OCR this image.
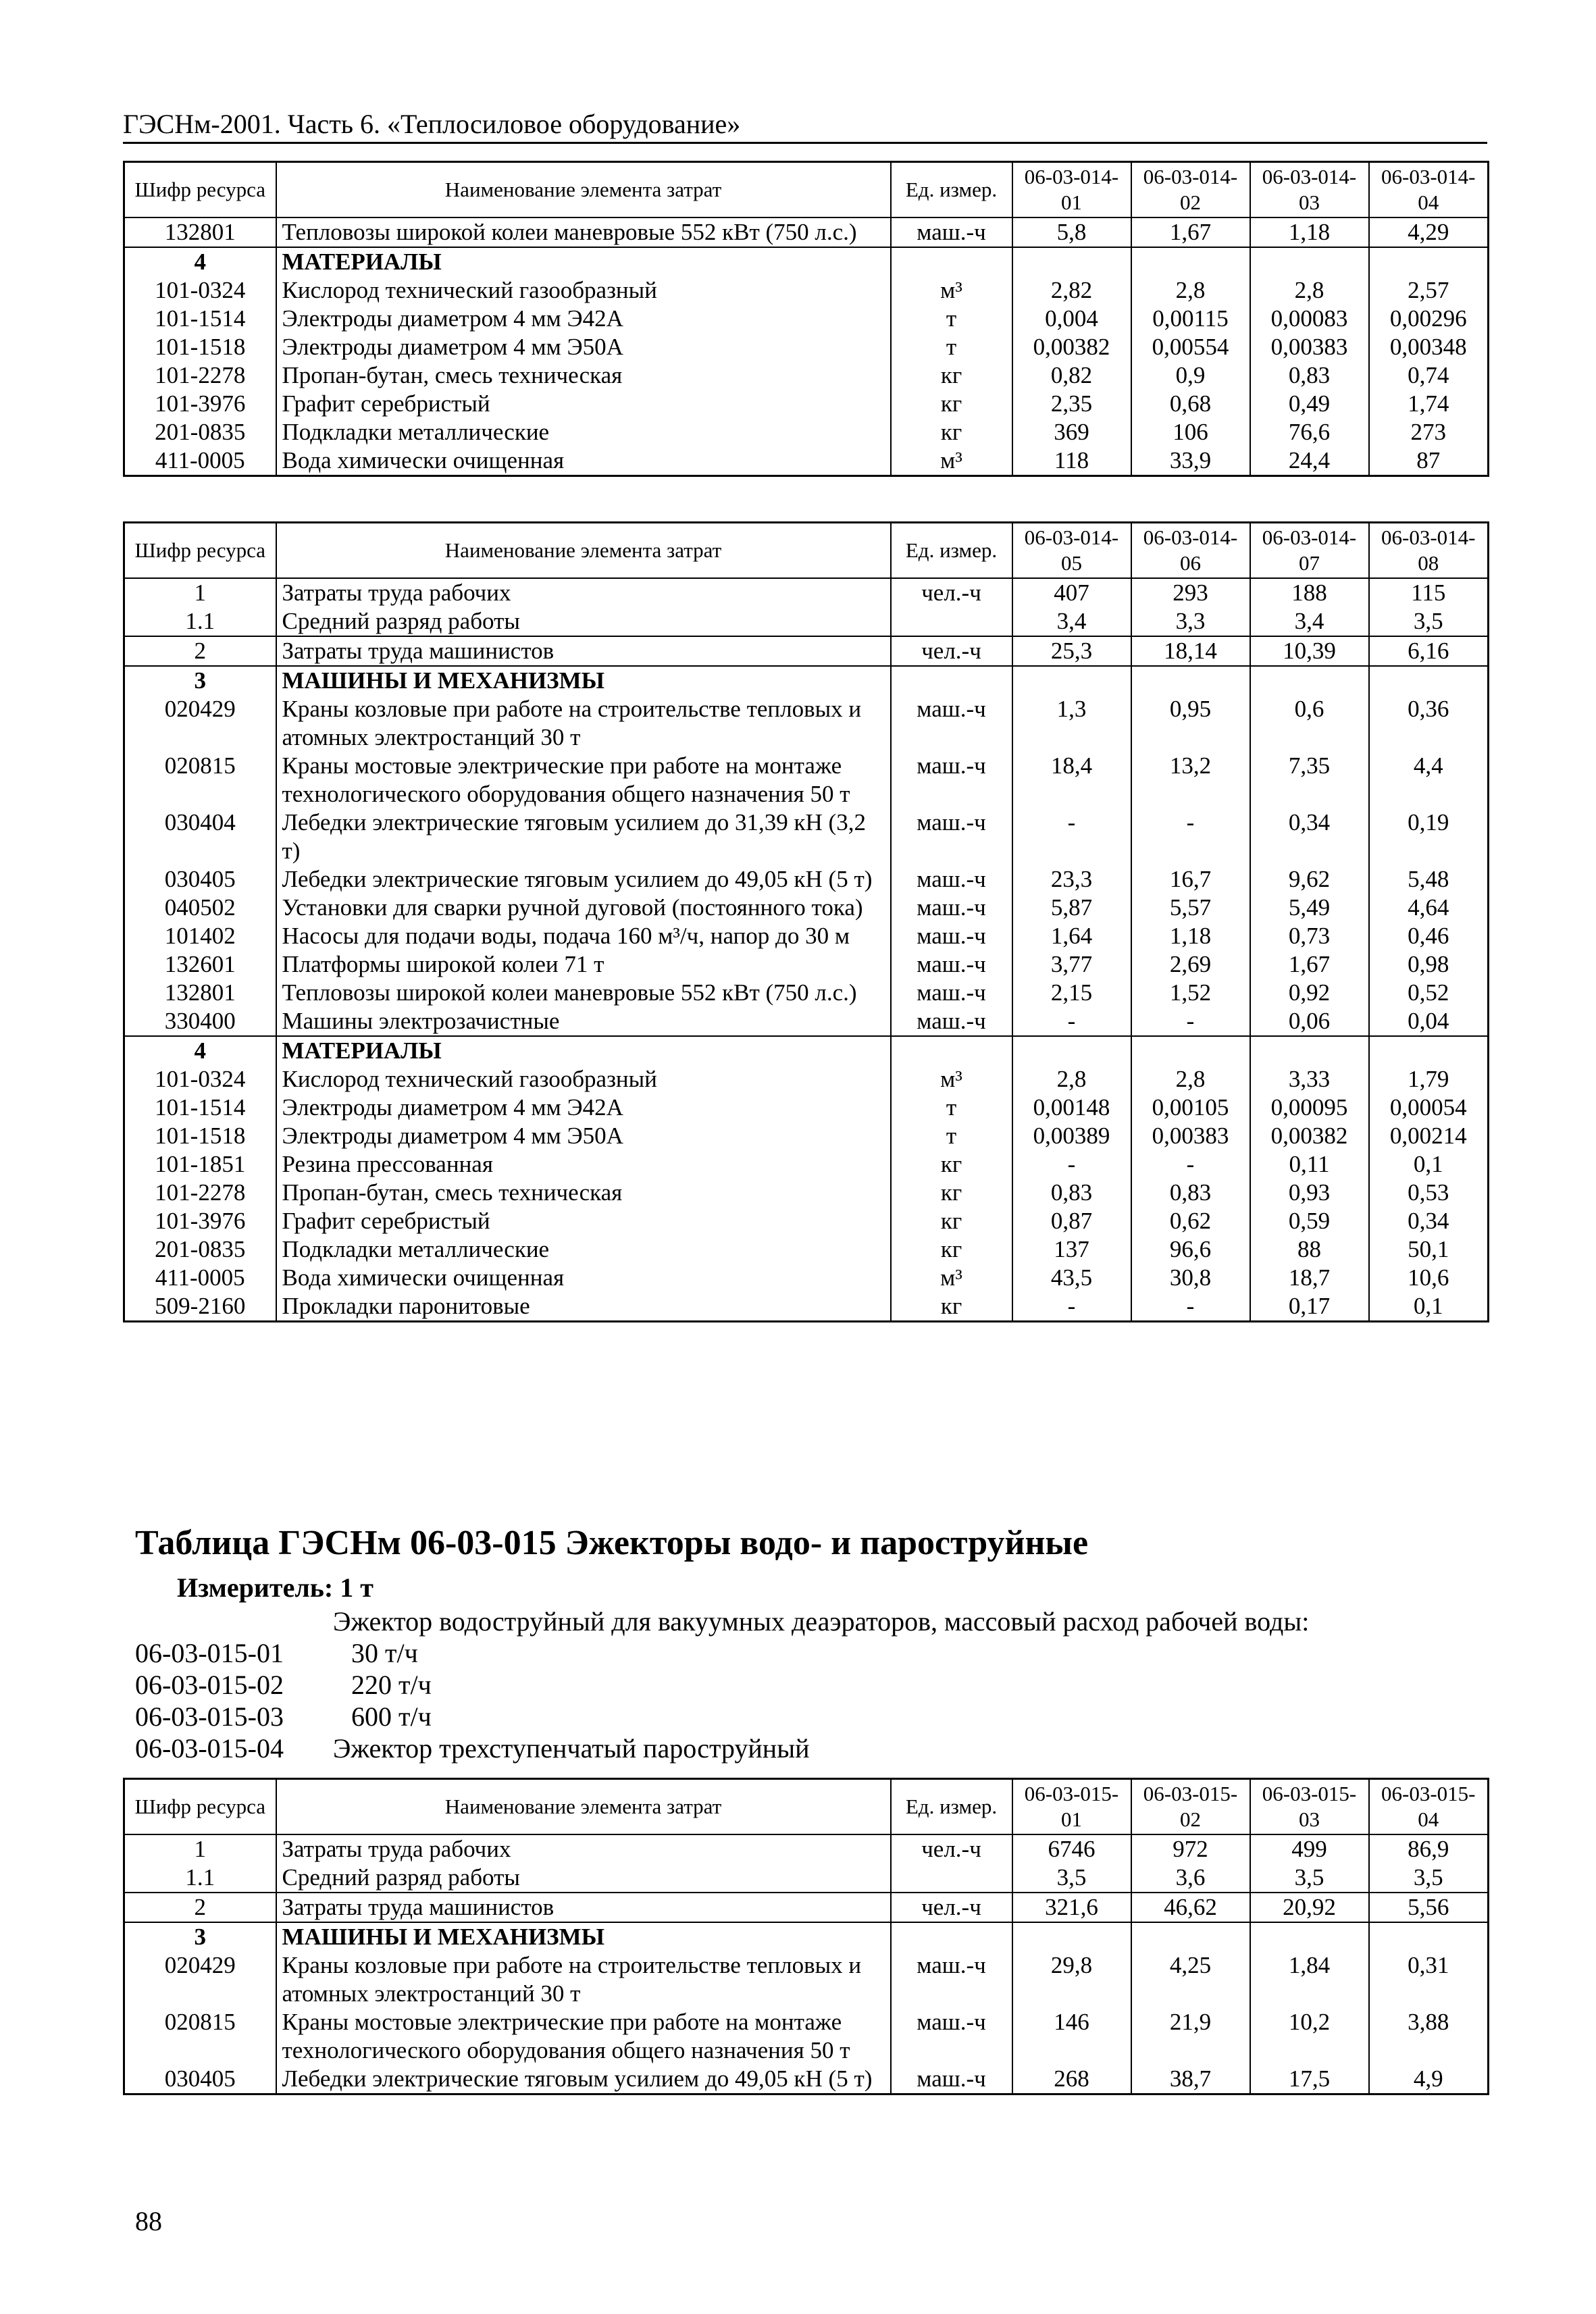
ГЭСНм-2001. Часть 6. «Теплосиловое оборудование»
Шифр ресурса	Наименование элемента затрат	Ед. измер.	06-03-014-01	06-03-014-02	06-03-014-03	06-03-014-04
132801	Тепловозы широкой колеи маневровые 552 кВт (750 л.с.)	маш.-ч	5,8	1,67	1,18	4,29
4	МАТЕРИАЛЫ					
101-0324	Кислород технический газообразный	м³	2,82	2,8	2,8	2,57
101-1514	Электроды диаметром 4 мм Э42А	т	0,004	0,00115	0,00083	0,00296
101-1518	Электроды диаметром 4 мм Э50А	т	0,00382	0,00554	0,00383	0,00348
101-2278	Пропан-бутан, смесь техническая	кг	0,82	0,9	0,83	0,74
101-3976	Графит серебристый	кг	2,35	0,68	0,49	1,74
201-0835	Подкладки металлические	кг	369	106	76,6	273
411-0005	Вода химически очищенная	м³	118	33,9	24,4	87
Шифр ресурса	Наименование элемента затрат	Ед. измер.	06-03-014-05	06-03-014-06	06-03-014-07	06-03-014-08
1	Затраты труда рабочих	чел.-ч	407	293	188	115
1.1	Средний разряд работы		3,4	3,3	3,4	3,5
2	Затраты труда машинистов	чел.-ч	25,3	18,14	10,39	6,16
3	МАШИНЫ И МЕХАНИЗМЫ					
020429	Краны козловые при работе на строительстве тепловых и атомных электростанций 30 т	маш.-ч	1,3	0,95	0,6	0,36
020815	Краны мостовые электрические при работе на монтаже технологического оборудования общего назначения 50 т	маш.-ч	18,4	13,2	7,35	4,4
030404	Лебедки электрические тяговым усилием до 31,39 кН (3,2 т)	маш.-ч	-	-	0,34	0,19
030405	Лебедки электрические тяговым усилием до 49,05 кН (5 т)	маш.-ч	23,3	16,7	9,62	5,48
040502	Установки для сварки ручной дуговой (постоянного тока)	маш.-ч	5,87	5,57	5,49	4,64
101402	Насосы для подачи воды, подача 160 м³/ч, напор до 30 м	маш.-ч	1,64	1,18	0,73	0,46
132601	Платформы широкой колеи 71 т	маш.-ч	3,77	2,69	1,67	0,98
132801	Тепловозы широкой колеи маневровые 552 кВт (750 л.с.)	маш.-ч	2,15	1,52	0,92	0,52
330400	Машины электрозачистные	маш.-ч	-	-	0,06	0,04
4	МАТЕРИАЛЫ					
101-0324	Кислород технический газообразный	м³	2,8	2,8	3,33	1,79
101-1514	Электроды диаметром 4 мм Э42А	т	0,00148	0,00105	0,00095	0,00054
101-1518	Электроды диаметром 4 мм Э50А	т	0,00389	0,00383	0,00382	0,00214
101-1851	Резина прессованная	кг	-	-	0,11	0,1
101-2278	Пропан-бутан, смесь техническая	кг	0,83	0,83	0,93	0,53
101-3976	Графит серебристый	кг	0,87	0,62	0,59	0,34
201-0835	Подкладки металлические	кг	137	96,6	88	50,1
411-0005	Вода химически очищенная	м³	43,5	30,8	18,7	10,6
509-2160	Прокладки паронитовые	кг	-	-	0,17	0,1
Таблица ГЭСНм 06-03-015 Эжекторы водо- и пароструйные
Измеритель: 1 т
Эжектор водоструйный для вакуумных деаэраторов, массовый расход рабочей воды:
06-03-015-01	30 т/ч
06-03-015-02	220 т/ч
06-03-015-03	600 т/ч
06-03-015-04 Эжектор трехступенчатый пароструйный
Шифр ресурса	Наименование элемента затрат	Ед. измер.	06-03-015-01	06-03-015-02	06-03-015-03	06-03-015-04
1	Затраты труда рабочих	чел.-ч	6746	972	499	86,9
1.1	Средний разряд работы		3,5	3,6	3,5	3,5
2	Затраты труда машинистов	чел.-ч	321,6	46,62	20,92	5,56
3	МАШИНЫ И МЕХАНИЗМЫ					
020429	Краны козловые при работе на строительстве тепловых и атомных электростанций 30 т	маш.-ч	29,8	4,25	1,84	0,31
020815	Краны мостовые электрические при работе на монтаже технологического оборудования общего назначения 50 т	маш.-ч	146	21,9	10,2	3,88
030405	Лебедки электрические тяговым усилием до 49,05 кН (5 т)	маш.-ч	268	38,7	17,5	4,9
88
